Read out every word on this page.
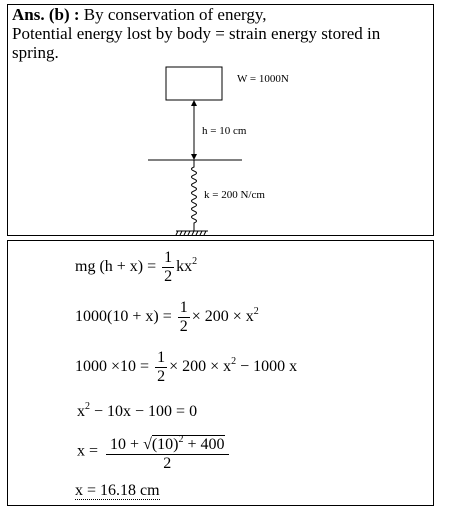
Ans. (b) : By conservation of energy,
Potential energy lost by body = strain energy stored in
spring.
W = 1000N
h = 10 cm
k = 200 N/cm
mg $(h + x) = \frac{1}{2} kx^2$
$1000(10 + x) = \frac{1}{2} \times 200 \times x^2$
$1000 \times 10 = \frac{1}{2} \times 200 \times x^2 - 1000$ x
$x^2 - 10x - 100 = 0$
$x = \frac{10 + √(10)^2 + 400}{2}$
x = 16.18 cm
